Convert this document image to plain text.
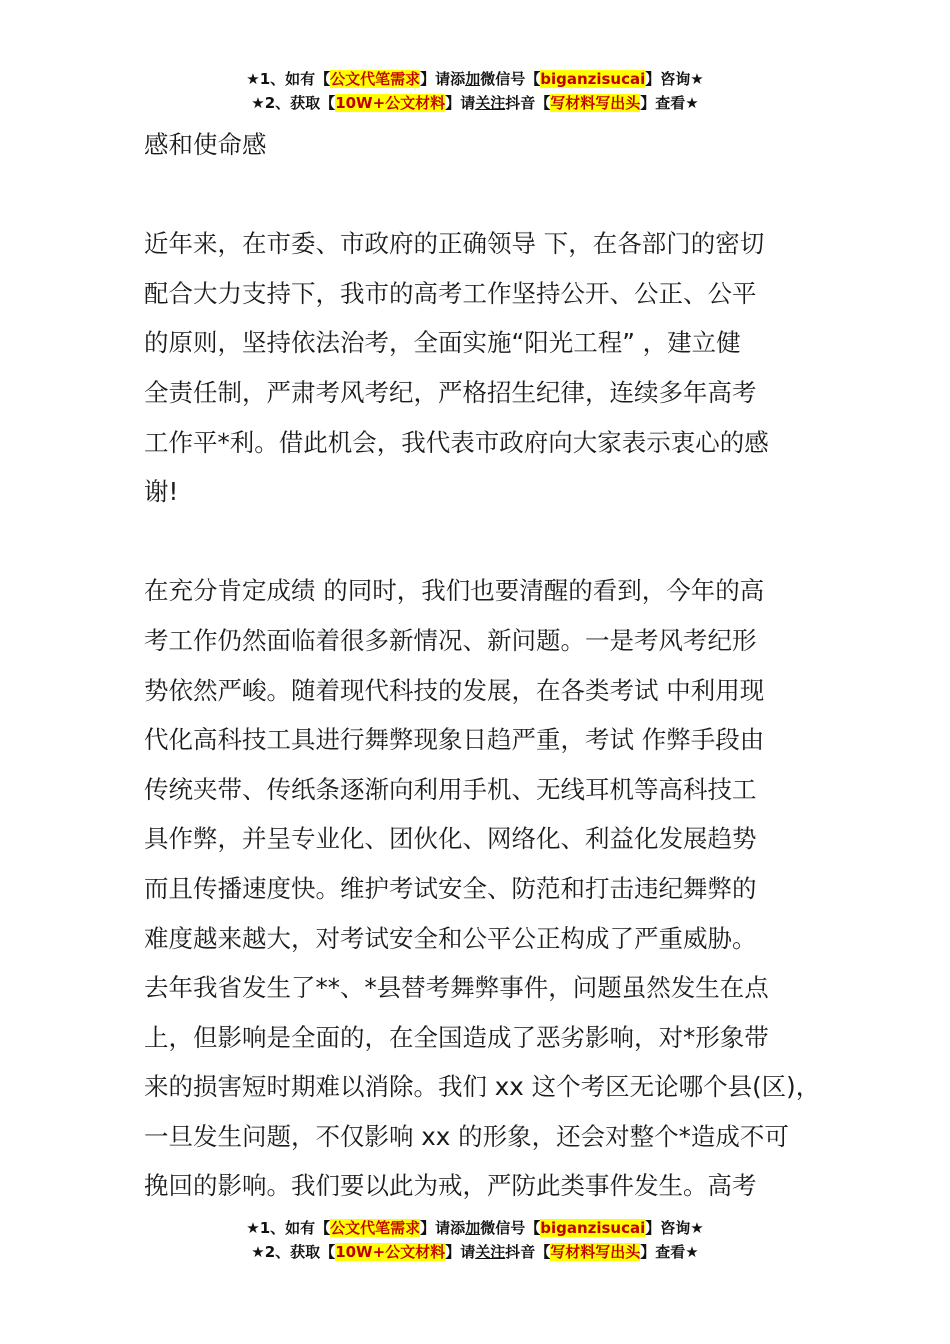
★1、如有【公文代笔需求】请添加微信号【biganzisucai】咨询★
★2、获取【10W+公文材料】请关注抖音【写材料写出头】查看★

感和使命感

近年来，在市委、市政府的正确领导 下，在各部门的密切
配合大力支持下，我市的高考工作坚持公开、公正、公平
的原则，坚持依法治考，全面实施“阳光工程” ，建立健
全责任制，严肃考风考纪，严格招生纪律，连续多年高考
工作平*利。借此机会，我代表市政府向大家表示衷心的感
谢!

在充分肯定成绩 的同时，我们也要清醒的看到，今年的高
考工作仍然面临着很多新情况、新问题。一是考风考纪形
势依然严峻。随着现代科技的发展，在各类考试 中利用现
代化高科技工具进行舞弊现象日趋严重，考试 作弊手段由
传统夹带、传纸条逐渐向利用手机、无线耳机等高科技工
具作弊，并呈专业化、团伙化、网络化、利益化发展趋势
而且传播速度快。维护考试安全、防范和打击违纪舞弊的
难度越来越大，对考试安全和公平公正构成了严重威胁。
去年我省发生了**、*县替考舞弊事件，问题虽然发生在点
上，但影响是全面的，在全国造成了恶劣影响，对*形象带
来的损害短时期难以消除。我们 xx 这个考区无论哪个县(区)，
一旦发生问题，不仅影响 xx 的形象，还会对整个*造成不可
挽回的影响。我们要以此为戒，严防此类事件发生。高考

★1、如有【公文代笔需求】请添加微信号【biganzisucai】咨询★
★2、获取【10W+公文材料】请关注抖音【写材料写出头】查看★
